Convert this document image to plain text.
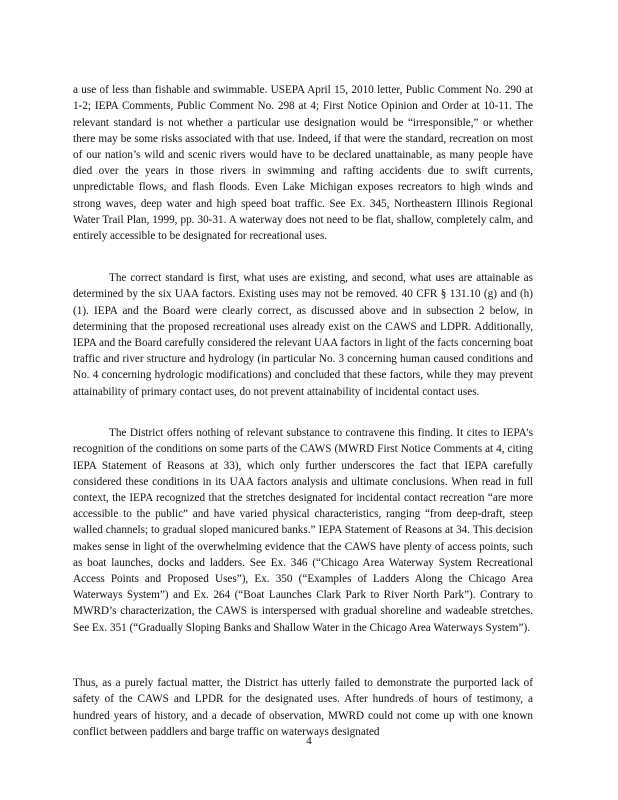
a use of less than fishable and swimmable. USEPA April 15, 2010 letter, Public Comment No. 290 at 1-2; IEPA Comments, Public Comment No. 298 at 4; First Notice Opinion and Order at 10-11. The relevant standard is not whether a particular use designation would be “irresponsible,” or whether there may be some risks associated with that use. Indeed, if that were the standard, recreation on most of our nation’s wild and scenic rivers would have to be declared unattainable, as many people have died over the years in those rivers in swimming and rafting accidents due to swift currents, unpredictable flows, and flash floods. Even Lake Michigan exposes recreators to high winds and strong waves, deep water and high speed boat traffic. See Ex. 345, Northeastern Illinois Regional Water Trail Plan, 1999, pp. 30-31. A waterway does not need to be flat, shallow, completely calm, and entirely accessible to be designated for recreational uses.

The correct standard is first, what uses are existing, and second, what uses are attainable as determined by the six UAA factors. Existing uses may not be removed. 40 CFR § 131.10 (g) and (h)(1). IEPA and the Board were clearly correct, as discussed above and in subsection 2 below, in determining that the proposed recreational uses already exist on the CAWS and LDPR. Additionally, IEPA and the Board carefully considered the relevant UAA factors in light of the facts concerning boat traffic and river structure and hydrology (in particular No. 3 concerning human caused conditions and No. 4 concerning hydrologic modifications) and concluded that these factors, while they may prevent attainability of primary contact uses, do not prevent attainability of incidental contact uses.

The District offers nothing of relevant substance to contravene this finding. It cites to IEPA’s recognition of the conditions on some parts of the CAWS (MWRD First Notice Comments at 4, citing IEPA Statement of Reasons at 33), which only further underscores the fact that IEPA carefully considered these conditions in its UAA factors analysis and ultimate conclusions. When read in full context, the IEPA recognized that the stretches designated for incidental contact recreation “are more accessible to the public” and have varied physical characteristics, ranging “from deep-draft, steep walled channels; to gradual sloped manicured banks.” IEPA Statement of Reasons at 34. This decision makes sense in light of the overwhelming evidence that the CAWS have plenty of access points, such as boat launches, docks and ladders. See Ex. 346 (“Chicago Area Waterway System Recreational Access Points and Proposed Uses”), Ex. 350 (“Examples of Ladders Along the Chicago Area Waterways System”) and Ex. 264 (“Boat Launches Clark Park to River North Park”). Contrary to MWRD’s characterization, the CAWS is interspersed with gradual shoreline and wadeable stretches. See Ex. 351 (“Gradually Sloping Banks and Shallow Water in the Chicago Area Waterways System”).

Thus, as a purely factual matter, the District has utterly failed to demonstrate the purported lack of safety of the CAWS and LPDR for the designated uses. After hundreds of hours of testimony, a hundred years of history, and a decade of observation, MWRD could not come up with one known conflict between paddlers and barge traffic on waterways designated

4
